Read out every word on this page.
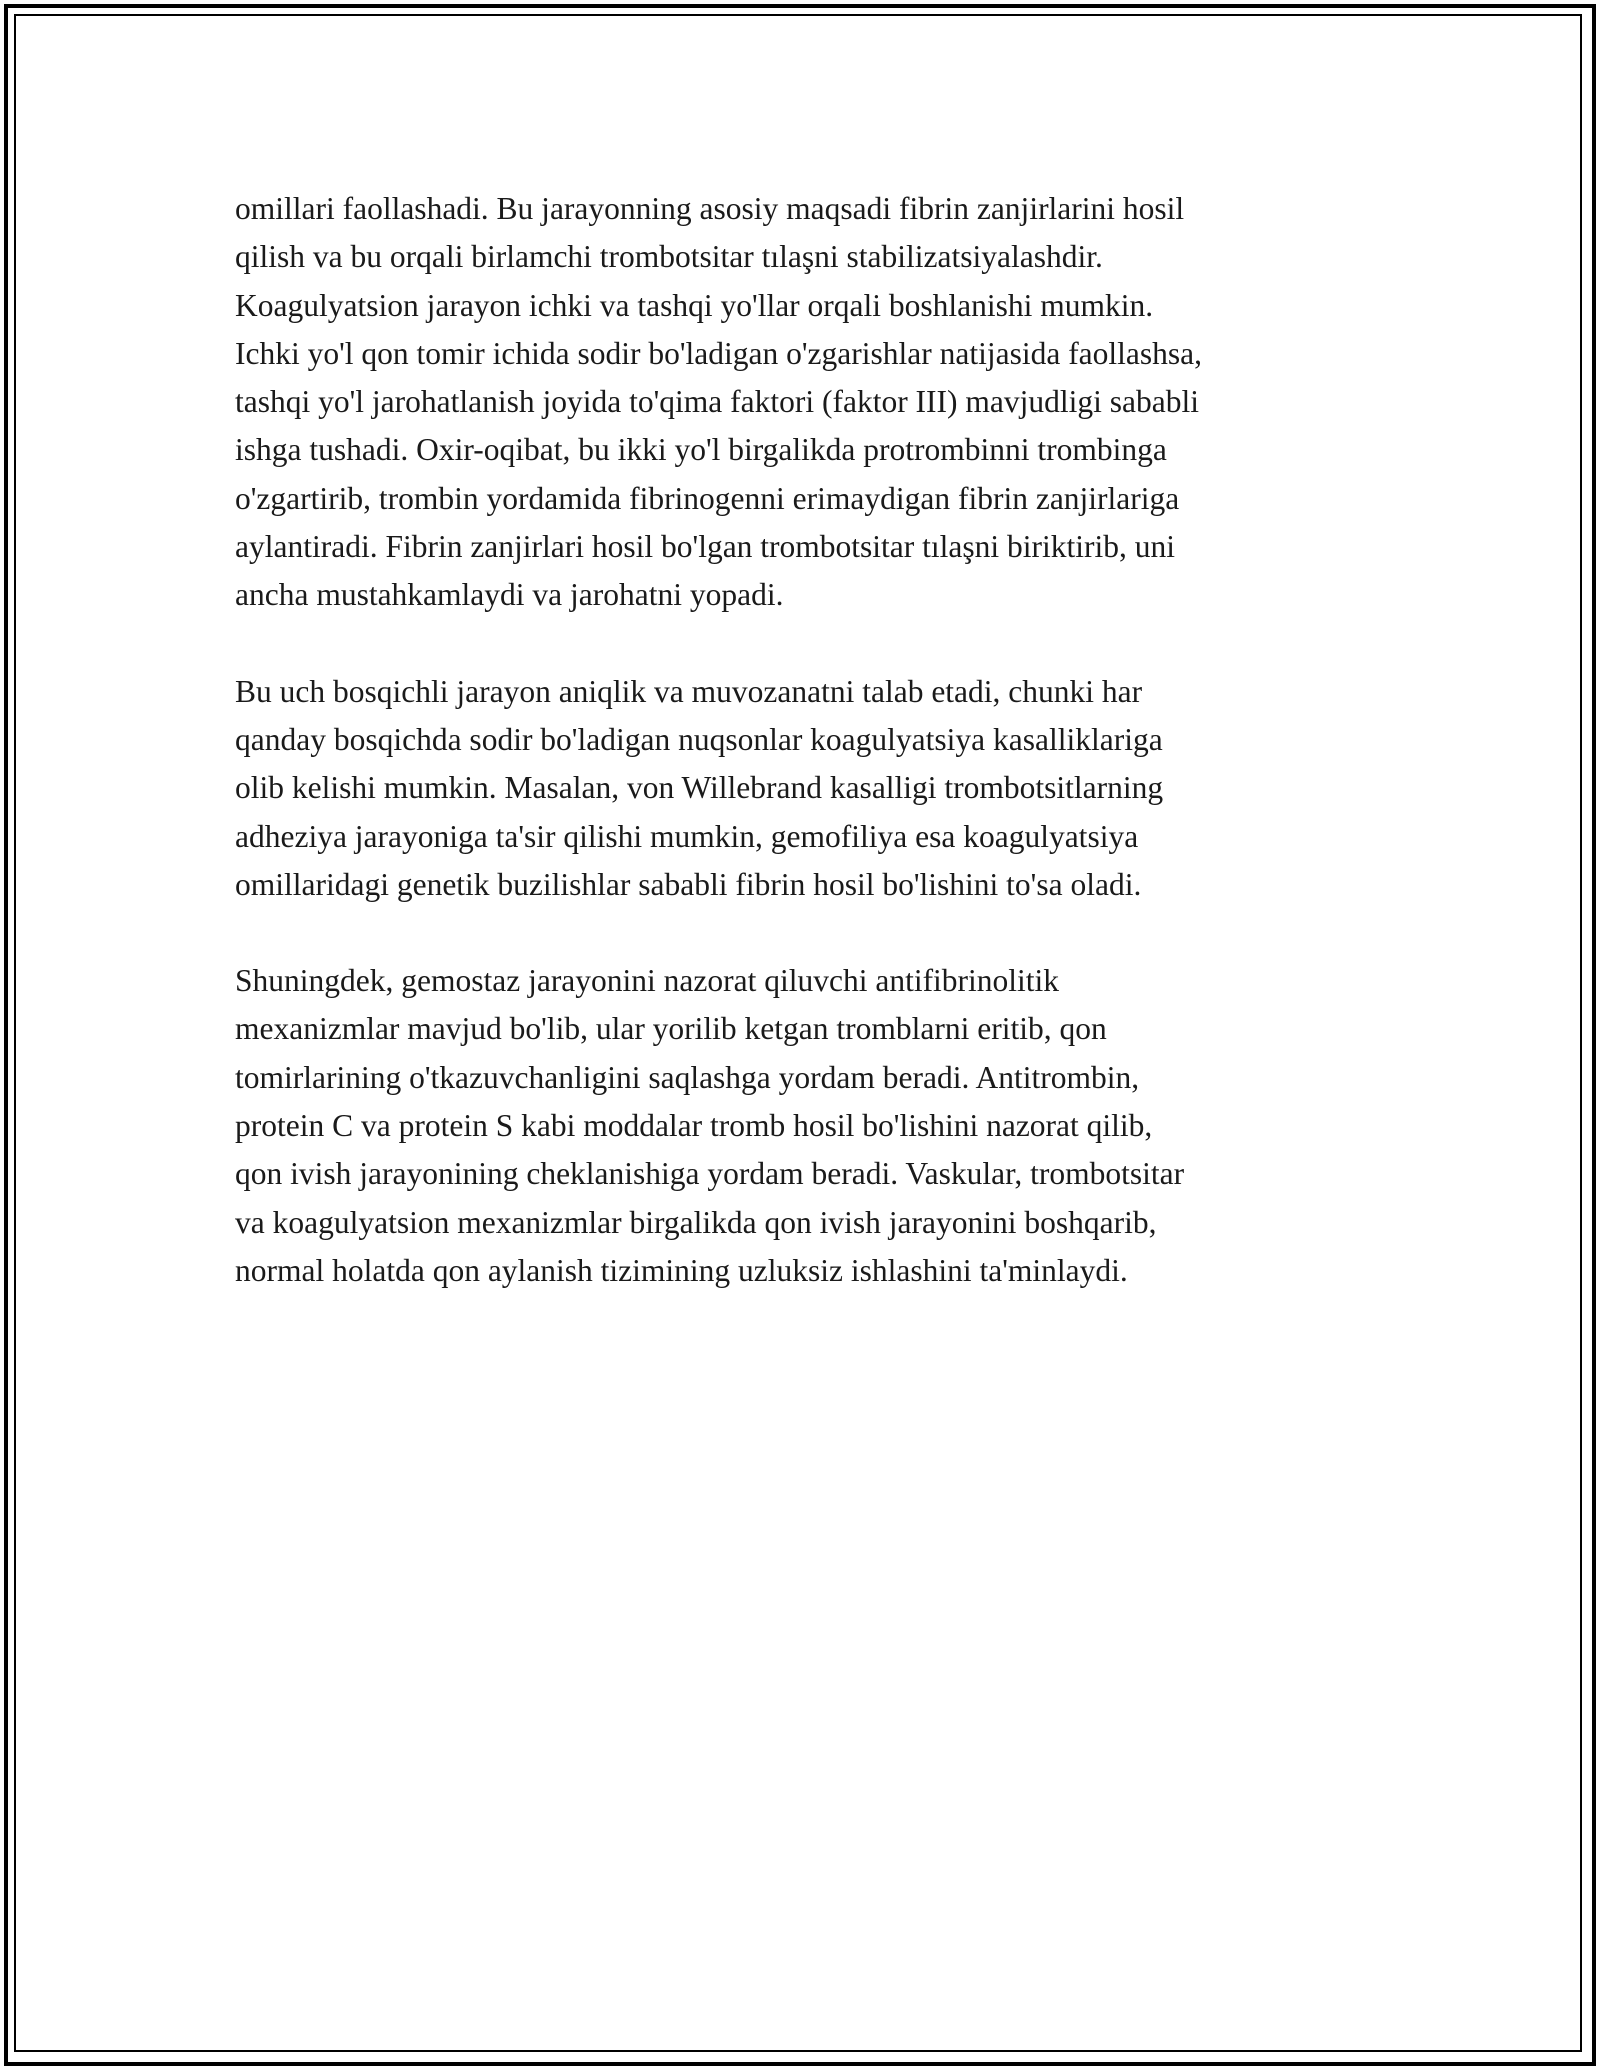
omillari faollashadi. Bu jarayonning asosiy maqsadi fibrin zanjirlarini hosil
qilish va bu orqali birlamchi trombotsitar tılaşni stabilizatsiyalashdir.
Koagulyatsion jarayon ichki va tashqi yo'llar orqali boshlanishi mumkin.
Ichki yo'l qon tomir ichida sodir bo'ladigan o'zgarishlar natijasida faollashsa,
tashqi yo'l jarohatlanish joyida to'qima faktori (faktor III) mavjudligi sababli
ishga tushadi. Oxir-oqibat, bu ikki yo'l birgalikda protrombinni trombinga
o'zgartirib, trombin yordamida fibrinogenni erimaydigan fibrin zanjirlariga
aylantiradi. Fibrin zanjirlari hosil bo'lgan trombotsitar tılaşni biriktirib, uni
ancha mustahkamlaydi va jarohatni yopadi.

Bu uch bosqichli jarayon aniqlik va muvozanatni talab etadi, chunki har
qanday bosqichda sodir bo'ladigan nuqsonlar koagulyatsiya kasalliklariga
olib kelishi mumkin. Masalan, von Willebrand kasalligi trombotsitlarning
adheziya jarayoniga ta'sir qilishi mumkin, gemofiliya esa koagulyatsiya
omillaridagi genetik buzilishlar sababli fibrin hosil bo'lishini to'sa oladi.

Shuningdek, gemostaz jarayonini nazorat qiluvchi antifibrinolitik
mexanizmlar mavjud bo'lib, ular yorilib ketgan tromblarni eritib, qon
tomirlarining o'tkazuvchanligini saqlashga yordam beradi. Antitrombin,
protein C va protein S kabi moddalar tromb hosil bo'lishini nazorat qilib,
qon ivish jarayonining cheklanishiga yordam beradi. Vaskular, trombotsitar
va koagulyatsion mexanizmlar birgalikda qon ivish jarayonini boshqarib,
normal holatda qon aylanish tizimining uzluksiz ishlashini ta'minlaydi.
